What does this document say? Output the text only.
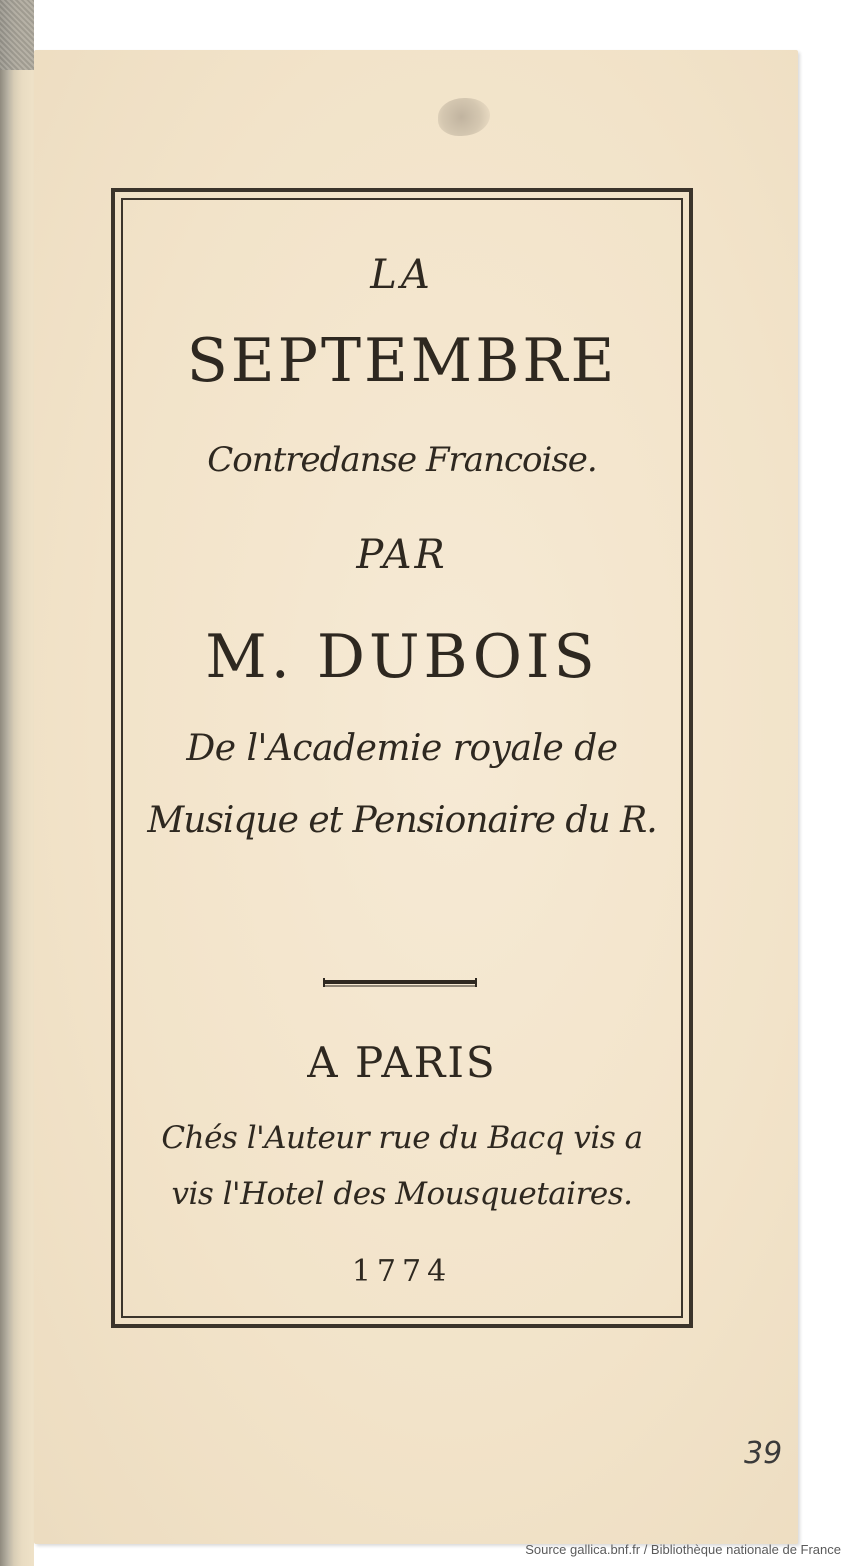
LA
SEPTEMBRE
Contredanse Francoise.
PAR
M. DUBOIS
De l'Academie royale de
Musique et Pensionaire du R.
A PARIS
Chés l'Auteur rue du Bacq vis a
vis l'Hotel des Mousquetaires.
1774
39
Source gallica.bnf.fr / Bibliothèque nationale de France
